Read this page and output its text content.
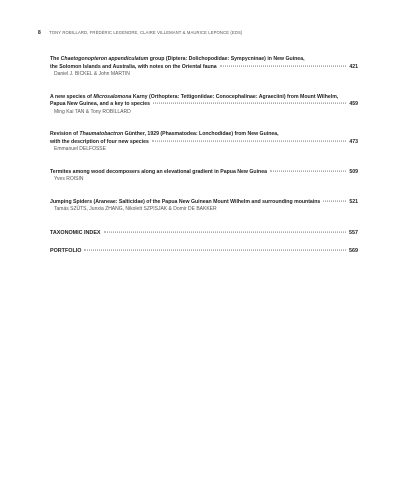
8 TONY ROBILLARD, FRÉDÉRIC LEGENDRE, CLAIRE VILLEMANT & MAURICE LEPONCE (EDS)
The Chaetogonopteron appendiculatum group (Diptera: Dolichopodidae: Sympycninae) in New Guinea,
the Solomon Islands and Australia, with notes on the Oriental fauna	421
Daniel J. BICKEL & John MARTIN
A new species of Microsalomona Karny (Orthoptera: Tettigoniidae: Conocephalinae: Agraeciini) from Mount Wilhelm,
Papua New Guinea, and a key to species	459
Ming Kai TAN & Tony ROBILLARD
Revision of Thaumatobactron Günther, 1929 (Phasmatodea: Lonchodidae) from New Guinea,
with the description of four new species	473
Emmanuel DELFOSSE
Termites among wood decomposers along an elevational gradient in Papua New Guinea	509
Yves ROISIN
Jumping Spiders (Araneae: Salticidae) of the Papua New Guinean Mount Wilhelm and surrounding mountains	521
Tamás SZŰTS, Junxia ZHANG, Nikolett SZPISJAK & Domir DE BAKKER
TAXONOMIC INDEX	557
PORTFOLIO	569
